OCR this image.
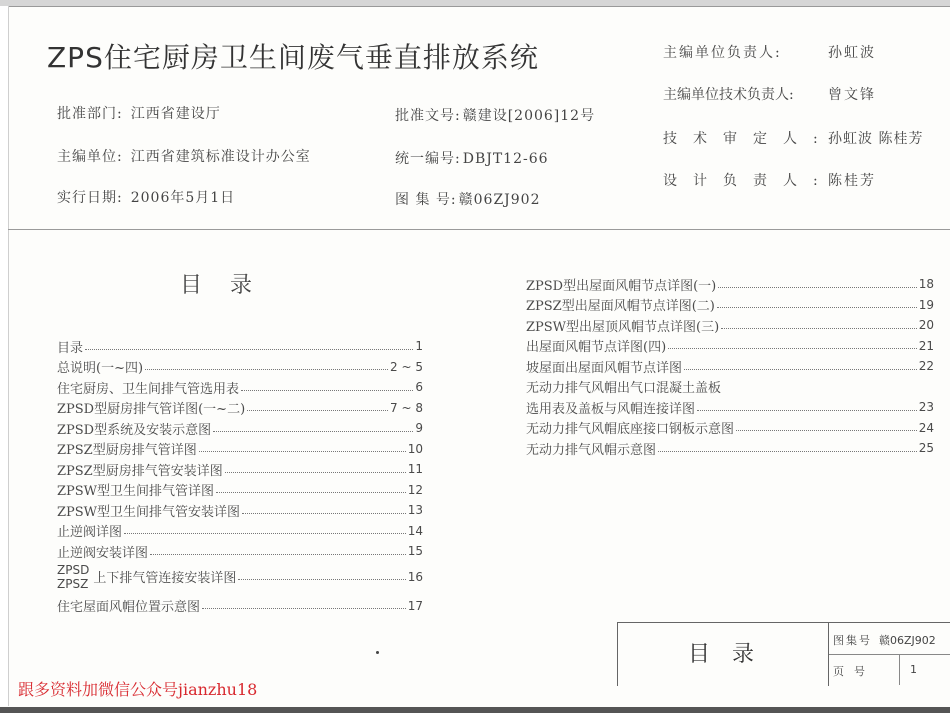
ZPS住宅厨房卫生间废气垂直排放系统
批准部门: 江西省建设厅
主编单位: 江西省建筑标准设计办公室
实行日期: 2006年5月1日
批准文号: 赣建设[2006]12号
统一编号: DBJT12-66
图 集 号: 赣06ZJ902
主编单位负责人:	孙虹波
主编单位技术负责人: 曾文锋
技术审定人:孙虹波 陈桂芳
设计负责人:陈桂芳
目录
目录	1
总说明(一~四)	2 ~ 5
住宅厨房、卫生间排气管选用表	6
ZPSD型厨房排气管详图(一~二)	7 ~ 8
ZPSD型系统及安装示意图	9
ZPSZ型厨房排气管详图	10
ZPSZ型厨房排气管安装详图	11
ZPSW型卫生间排气管详图	12
ZPSW型卫生间排气管安装详图	13
止逆阀详图	14
止逆阀安装详图	15
ZPSD
ZPSZ 上下排气管连接安装详图	16
住宅屋面风帽位置示意图	17
ZPSD型出屋面风帽节点详图(一)	18
ZPSZ型出屋面风帽节点详图(二)	19
ZPSW型出屋顶风帽节点详图(三)	20
出屋面风帽节点详图(四)	21
坡屋面出屋面风帽节点详图	22
无动力排气风帽出气口混凝土盖板
选用表及盖板与风帽连接详图	23
无动力排气风帽底座接口钢板示意图	24
无动力排气风帽示意图	25
目录
图集号 赣06ZJ902
页号	1
跟多资料加微信公众号jianzhu18
